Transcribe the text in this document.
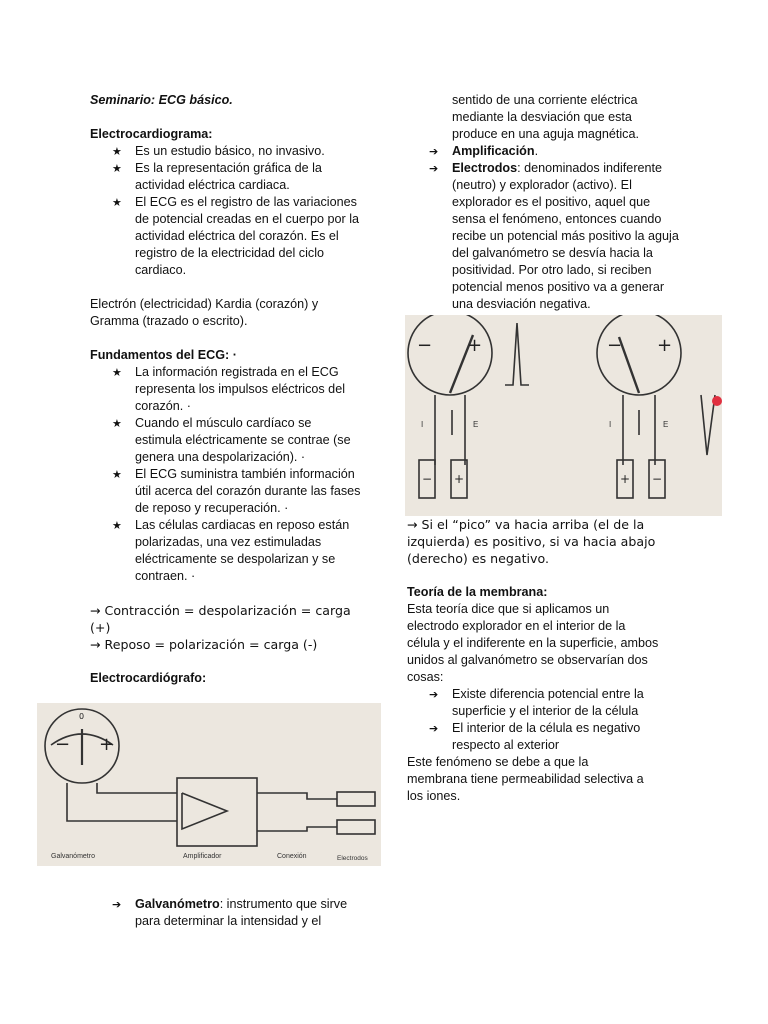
Seminario: ECG básico.

Electrocardiograma:

★ Es un estudio básico, no invasivo.
★ Es la representación gráfica de la actividad eléctrica cardiaca.
★ El ECG es el registro de las variaciones de potencial creadas en el cuerpo por la actividad eléctrica del corazón. Es el registro de la electricidad del ciclo cardiaco.

Electrón (electricidad) Kardia (corazón) y Gramma (trazado o escrito).

Fundamentos del ECG: ·

★ La información registrada en el ECG representa los impulsos eléctricos del corazón. ·
★ Cuando el músculo cardíaco se estimula eléctricamente se contrae (se genera una despolarización). ·
★ El ECG suministra también información útil acerca del corazón durante las fases de reposo y recuperación. ·
★ Las células cardiacas en reposo están polarizadas, una vez estimuladas eléctricamente se despolarizan y se contraen. ·

→ Contracción = despolarización = carga (+)

→ Reposo = polarización = carga (-)

Electrocardiógrafo:

− +
0
Galvanómetro	Amplificador	Conexión	Electrodos
➔ Galvanómetro: instrumento que sirve para determinar la intensidad y el

sentido de una corriente eléctrica mediante la desviación que esta produce en una aguja magnética.

➔ Amplificación.
➔ Electrodos: denominados indiferente (neutro) y explorador (activo). El explorador es el positivo, aquel que sensa el fenómeno, entonces cuando recibe un potencial más positivo la aguja del galvanómetro se desvía hacia la positividad. Por otro lado, si reciben potencial menos positivo va a generar una desviación negativa.
− +	− +
I	E	I	E
− +	+ −

→ Si el “pico” va hacia arriba (el de la izquierda) es positivo, si va hacia abajo (derecho) es negativo.

Teoría de la membrana:

Esta teoría dice que si aplicamos un electrodo explorador en el interior de la célula y el indiferente en la superficie, ambos unidos al galvanómetro se observarían dos cosas:

➔ Existe diferencia potencial entre la superficie y el interior de la célula
➔ El interior de la célula es negativo respecto al exterior

Este fenómeno se debe a que la membrana tiene permeabilidad selectiva a los iones.
